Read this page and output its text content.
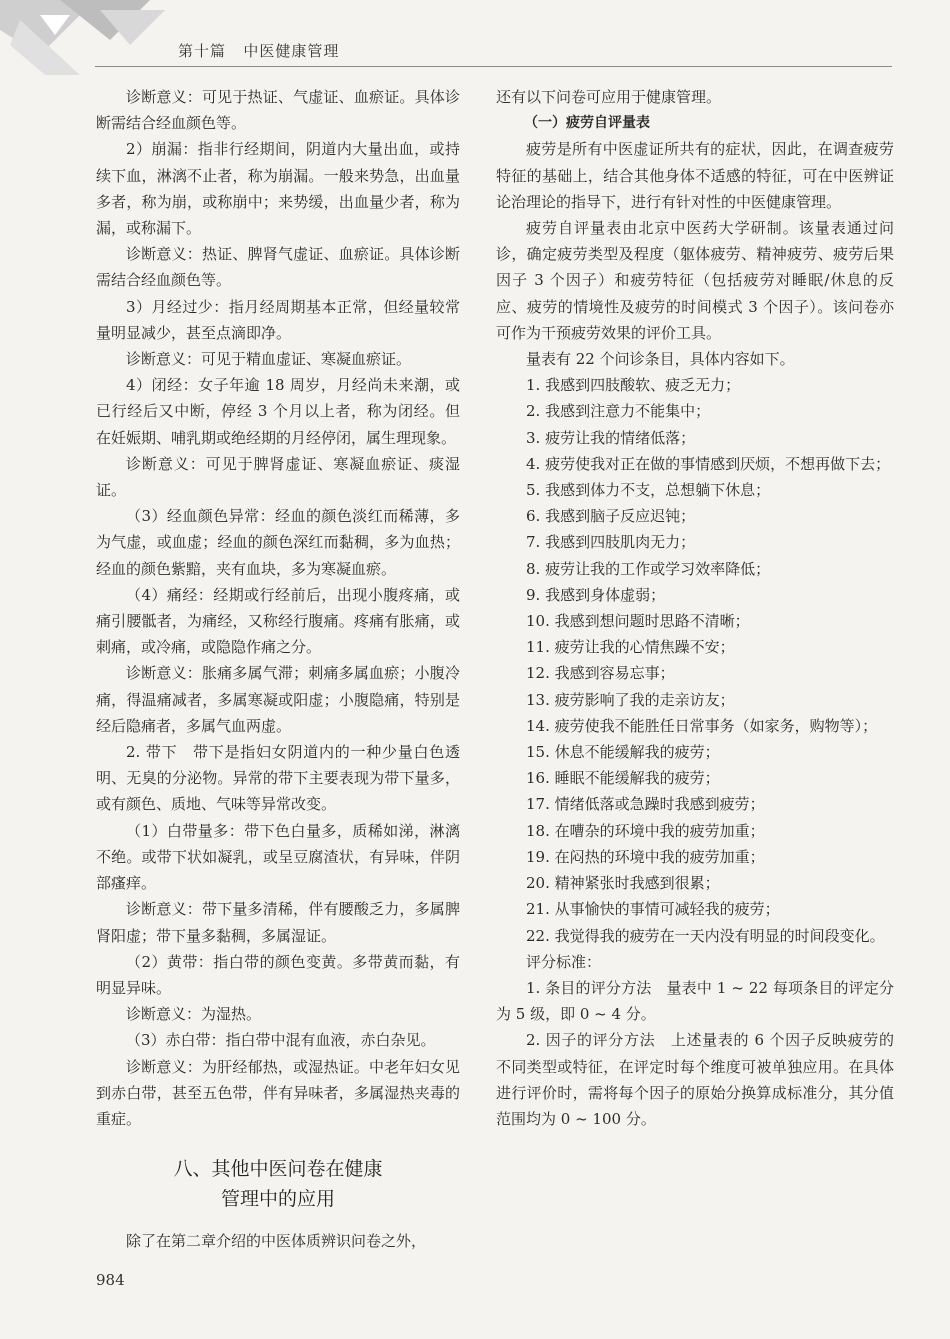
第十篇 中医健康管理

诊断意义：可见于热证、气虚证、血瘀证。具体诊断需结合经血颜色等。

2）崩漏：指非行经期间，阴道内大量出血，或持续下血，淋漓不止者，称为崩漏。一般来势急，出血量多者，称为崩，或称崩中；来势缓，出血量少者，称为漏，或称漏下。

诊断意义：热证、脾肾气虚证、血瘀证。具体诊断需结合经血颜色等。

3）月经过少：指月经周期基本正常，但经量较常量明显减少，甚至点滴即净。

诊断意义：可见于精血虚证、寒凝血瘀证。

4）闭经：女子年逾 18 周岁，月经尚未来潮，或已行经后又中断，停经 3 个月以上者，称为闭经。但在妊娠期、哺乳期或绝经期的月经停闭，属生理现象。

诊断意义：可见于脾肾虚证、寒凝血瘀证、痰湿证。

（3）经血颜色异常：经血的颜色淡红而稀薄，多为气虚，或血虚；经血的颜色深红而黏稠，多为血热；经血的颜色紫黯，夹有血块，多为寒凝血瘀。

（4）痛经：经期或行经前后，出现小腹疼痛，或痛引腰骶者，为痛经，又称经行腹痛。疼痛有胀痛，或刺痛，或冷痛，或隐隐作痛之分。

诊断意义：胀痛多属气滞；刺痛多属血瘀；小腹冷痛，得温痛减者，多属寒凝或阳虚；小腹隐痛，特别是经后隐痛者，多属气血两虚。

2. 带下　带下是指妇女阴道内的一种少量白色透明、无臭的分泌物。异常的带下主要表现为带下量多，或有颜色、质地、气味等异常改变。

（1）白带量多：带下色白量多，质稀如涕，淋漓不绝。或带下状如凝乳，或呈豆腐渣状，有异味，伴阴部瘙痒。

诊断意义：带下量多清稀，伴有腰酸乏力，多属脾肾阳虚；带下量多黏稠，多属湿证。

（2）黄带：指白带的颜色变黄。多带黄而黏，有明显异味。

诊断意义：为湿热。

（3）赤白带：指白带中混有血液，赤白杂见。

诊断意义：为肝经郁热，或湿热证。中老年妇女见到赤白带，甚至五色带，伴有异味者，多属湿热夹毒的重症。

八、其他中医问卷在健康
管理中的应用

除了在第二章介绍的中医体质辨识问卷之外，

还有以下问卷可应用于健康管理。

（一）疲劳自评量表

疲劳是所有中医虚证所共有的症状，因此，在调查疲劳特征的基础上，结合其他身体不适感的特征，可在中医辨证论治理论的指导下，进行有针对性的中医健康管理。

疲劳自评量表由北京中医药大学研制。该量表通过问诊，确定疲劳类型及程度（躯体疲劳、精神疲劳、疲劳后果因子 3 个因子）和疲劳特征（包括疲劳对睡眠/休息的反应、疲劳的情境性及疲劳的时间模式 3 个因子）。该问卷亦可作为干预疲劳效果的评价工具。

量表有 22 个问诊条目，具体内容如下。

1. 我感到四肢酸软、疲乏无力；

2. 我感到注意力不能集中；

3. 疲劳让我的情绪低落；

4. 疲劳使我对正在做的事情感到厌烦，不想再做下去；

5. 我感到体力不支，总想躺下休息；

6. 我感到脑子反应迟钝；

7. 我感到四肢肌肉无力；

8. 疲劳让我的工作或学习效率降低；

9. 我感到身体虚弱；

10. 我感到想问题时思路不清晰；

11. 疲劳让我的心情焦躁不安；

12. 我感到容易忘事；

13. 疲劳影响了我的走亲访友；

14. 疲劳使我不能胜任日常事务（如家务，购物等）；

15. 休息不能缓解我的疲劳；

16. 睡眠不能缓解我的疲劳；

17. 情绪低落或急躁时我感到疲劳；

18. 在嘈杂的环境中我的疲劳加重；

19. 在闷热的环境中我的疲劳加重；

20. 精神紧张时我感到很累；

21. 从事愉快的事情可减轻我的疲劳；

22. 我觉得我的疲劳在一天内没有明显的时间段变化。

评分标准：

1. 条目的评分方法　量表中 1 ~ 22 每项条目的评定分为 5 级，即 0 ~ 4 分。

2. 因子的评分方法　上述量表的 6 个因子反映疲劳的不同类型或特征，在评定时每个维度可被单独应用。在具体进行评价时，需将每个因子的原始分换算成标准分，其分值范围均为 0 ~ 100 分。

984
